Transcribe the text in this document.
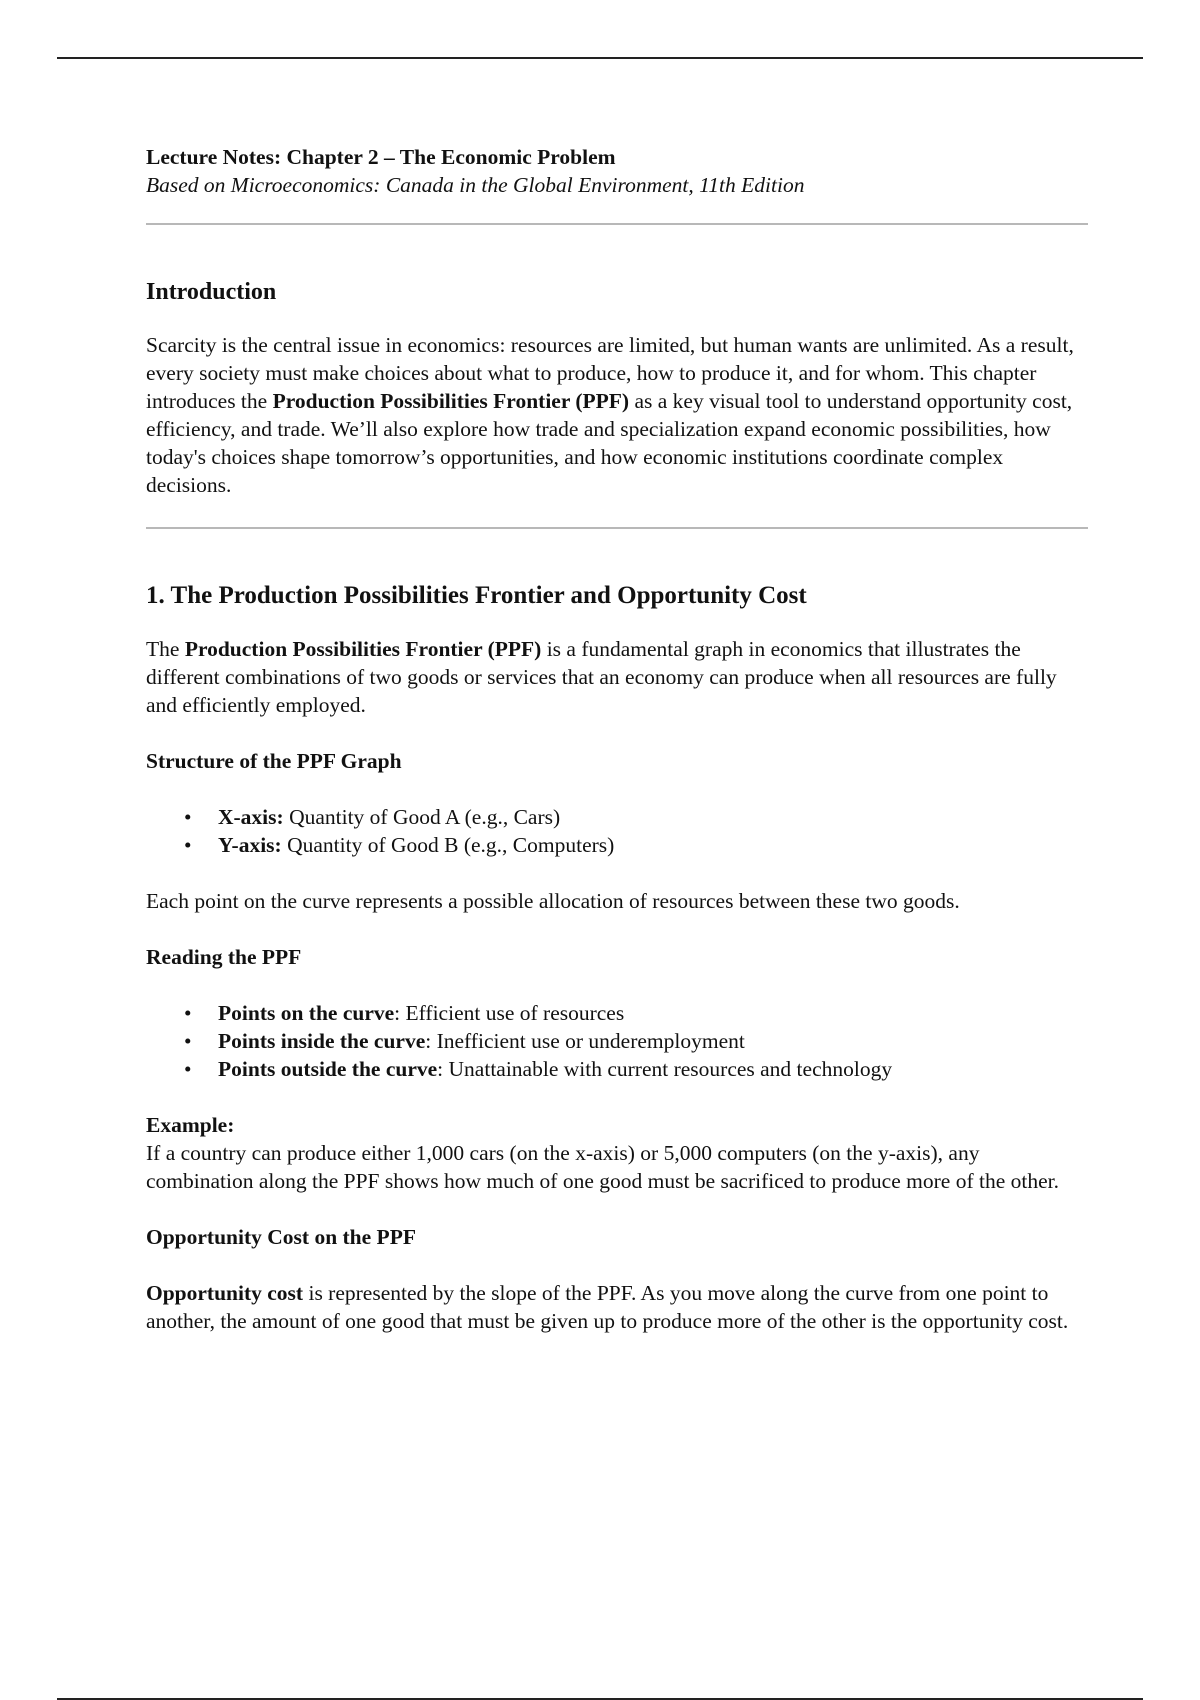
Lecture Notes: Chapter 2 – The Economic Problem

Based on Microeconomics: Canada in the Global Environment, 11th Edition

Introduction

Scarcity is the central issue in economics: resources are limited, but human wants are unlimited. As a result, every society must make choices about what to produce, how to produce it, and for whom. This chapter introduces the Production Possibilities Frontier (PPF) as a key visual tool to understand opportunity cost, efficiency, and trade. We’ll also explore how trade and specialization expand economic possibilities, how today's choices shape tomorrow’s opportunities, and how economic institutions coordinate complex decisions.

1. The Production Possibilities Frontier and Opportunity Cost

The Production Possibilities Frontier (PPF) is a fundamental graph in economics that illustrates the different combinations of two goods or services that an economy can produce when all resources are fully and efficiently employed.

Structure of the PPF Graph
• X-axis: Quantity of Good A (e.g., Cars)
• Y-axis: Quantity of Good B (e.g., Computers)

Each point on the curve represents a possible allocation of resources between these two goods.

Reading the PPF
• Points on the curve: Efficient use of resources
• Points inside the curve: Inefficient use or underemployment
• Points outside the curve: Unattainable with current resources and technology

Example:

If a country can produce either 1,000 cars (on the x-axis) or 5,000 computers (on the y-axis), any combination along the PPF shows how much of one good must be sacrificed to produce more of the other.

Opportunity Cost on the PPF

Opportunity cost is represented by the slope of the PPF. As you move along the curve from one point to another, the amount of one good that must be given up to produce more of the other is the opportunity cost.
